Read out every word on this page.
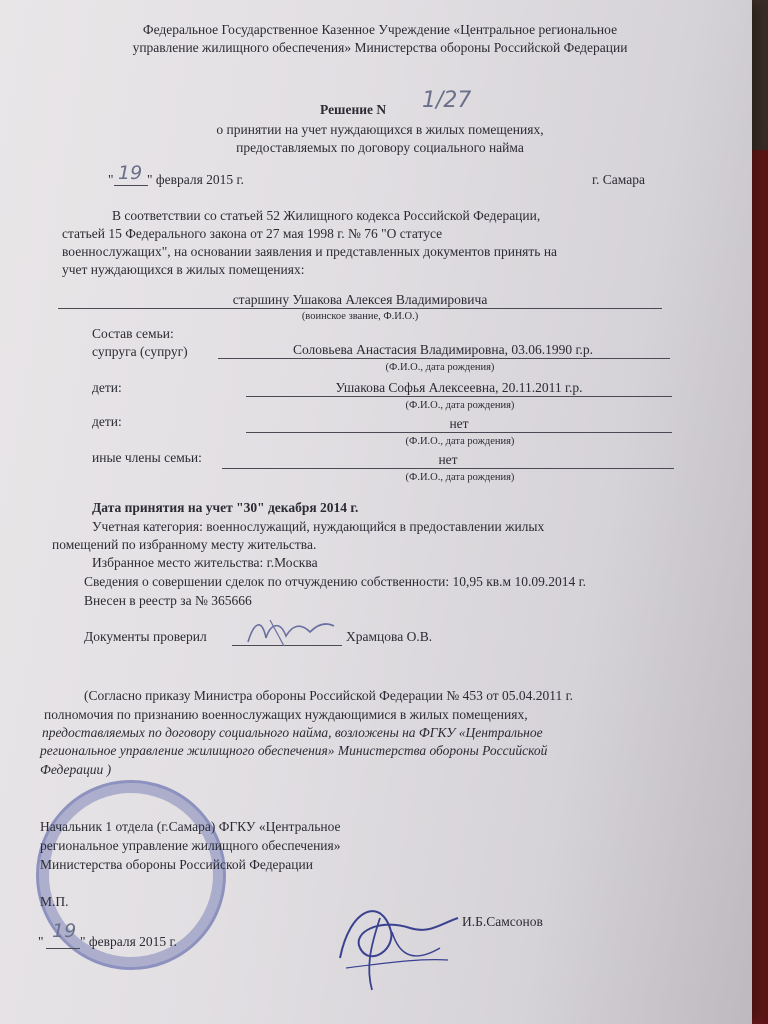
Федеральное Государственное Казенное Учреждение «Центральное региональное
управление жилищного обеспечения» Министерства обороны Российской Федерации
Решение N 1/27
о принятии на учет нуждающихся в жилых помещениях,
предоставляемых по договору социального найма
" 19 " февраля 2015 г.	г. Самара
В соответствии со статьей 52 Жилищного кодекса Российской Федерации,
статьей 15 Федерального закона от 27 мая 1998 г. № 76 "О статусе
военнослужащих", на основании заявления и представленных документов принять на
учет нуждающихся в жилых помещениях:
старшину Ушакова Алексея Владимировича
(воинское звание, Ф.И.О.)
Состав семьи:
супруга (супруг)	Соловьева Анастасия Владимировна, 03.06.1990 г.р.
(Ф.И.О., дата рождения)
дети:	Ушакова Софья Алексеевна, 20.11.2011 г.р.
(Ф.И.О., дата рождения)
дети:	нет
(Ф.И.О., дата рождения)
иные члены семьи:	нет
(Ф.И.О., дата рождения)
Дата принятия на учет "30" декабря 2014 г.
Учетная категория: военнослужащий, нуждающийся в предоставлении жилых
помещений по избранному месту жительства.
Избранное место жительства: г.Москва
Сведения о совершении сделок по отчуждению собственности: 10,95 кв.м 10.09.2014 г.
Внесен в реестр за № 365666
Документы проверил	Храмцова О.В.
(Согласно приказу Министра обороны Российской Федерации № 453 от 05.04.2011 г.
полномочия по признанию военнослужащих нуждающимися в жилых помещениях,
предоставляемых по договору социального найма, возложены на ФГКУ «Центральное
региональное управление жилищного обеспечения» Министерства обороны Российской
Федерации )
Начальник 1 отдела (г.Самара) ФГКУ «Центральное
региональное управление жилищного обеспечения»
Министерства обороны Российской Федерации
М.П.
" 19 " февраля 2015 г.
И.Б.Самсонов
